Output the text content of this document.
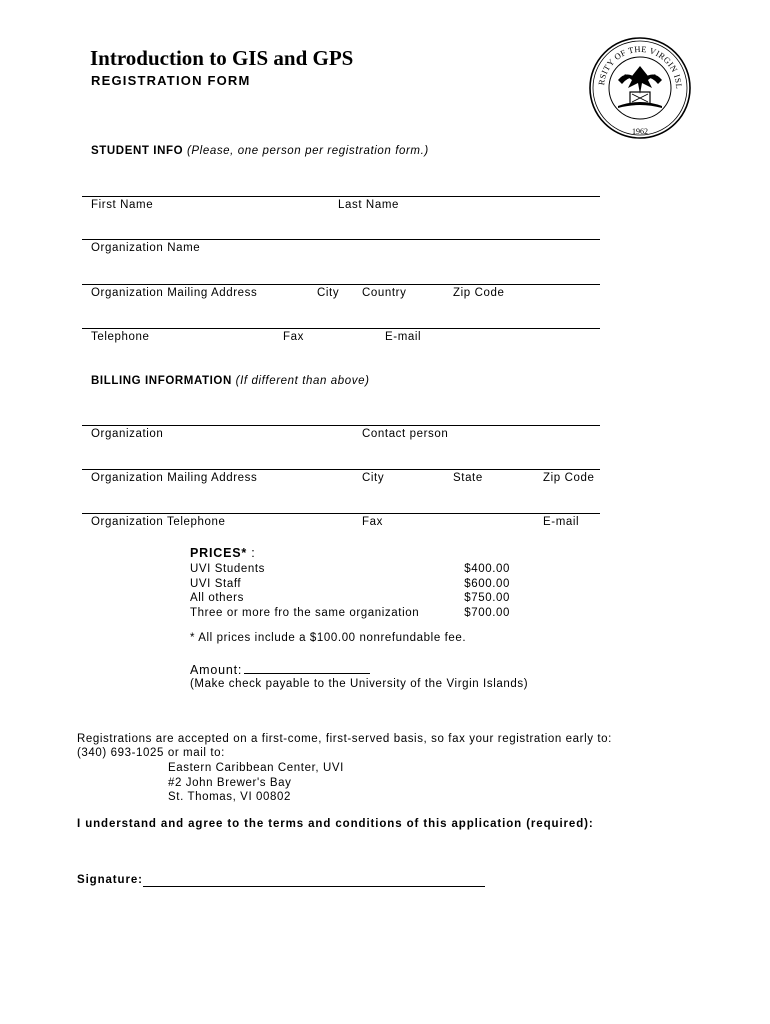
Introduction to GIS and GPS
REGISTRATION FORM	RSITY OF THE VIRGIN ISL
1962
STUDENT INFO (Please, one person per registration form.)
First Name	Last Name
Organization Name
Organization Mailing Address	City Country	Zip Code
Telephone	Fax	E-mail
BILLING INFORMATION (If different than above)
Organization	Contact person
Organization Mailing Address	City	State	Zip Code
Organization Telephone	Fax	E-mail
PRICES* :
UVI Students	$400.00
UVI Staff	$600.00
All others	$750.00
Three or more fro the same organization	$700.00
* All prices include a $100.00 nonrefundable fee.
Amount:
(Make check payable to the University of the Virgin Islands)
Registrations are accepted on a first-come, first-served basis, so fax your registration early to:
(340) 693-1025 or mail to:
Eastern Caribbean Center, UVI
#2 John Brewer's Bay
St. Thomas, VI 00802
I understand and agree to the terms and conditions of this application (required):
Signature:
